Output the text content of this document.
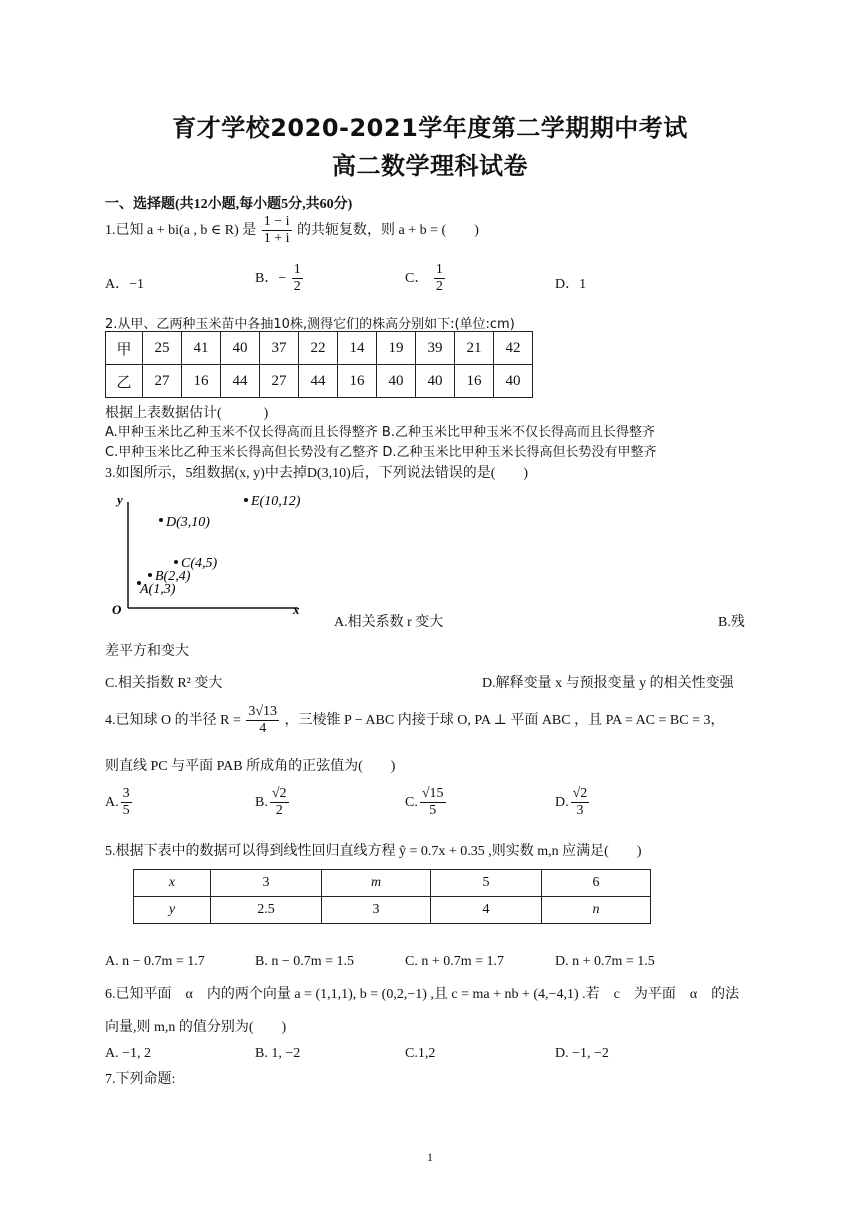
育才学校2020-2021学年度第二学期期中考试
高二数学理科试卷
一、选择题(共12小题,每小题5分,共60分)
1.已知 a + bi(a , b ∈ R) 是 $\frac{1 - i}{1 + i}$ 的共轭复数，则 a + b = (　　)
A．−1	B．− $\frac{1}{2}$	C． $\frac{1}{2}$	D．1
2.从甲、乙两种玉米苗中各抽10株,测得它们的株高分别如下:(单位:cm)
甲	25	41	40	37	22	14	19	39	21	42
乙	27	16	44	27	44	16	40	40	16	40
根据上表数据估计(　　　)
A.甲种玉米比乙种玉米不仅长得高而且长得整齐 B.乙种玉米比甲种玉米不仅长得高而且长得整齐
C.甲种玉米比乙种玉米长得高但长势没有乙整齐 D.乙种玉米比甲种玉米长得高但长势没有甲整齐
3.如图所示，5组数据(x, y)中去掉D(3,10)后，下列说法错误的是(　　)
y
x
O
E(10,12)
D(3,10)
C(4,5)
B(2,4)
A(1,3)
A.相关系数 r 变大	B.残
差平方和变大
C.相关指数 R² 变大	D.解释变量 x 与预报变量 y 的相关性变强
4.已知球 O 的半径 $R = \frac{3√13}{4}$ ，三棱锥 P − ABC 内接于球 O, PA ⊥ 平面 ABC ，且 PA = AC = BC = 3，
则直线 PC 与平面 PAB 所成角的正弦值为(　　)
A. $\frac{3}{5}$	B. $\frac{√2}{2}$	C. $\frac{√15}{5}$	D. $\frac{√2}{3}$
5.根据下表中的数据可以得到线性回归直线方程 ŷ = 0.7x + 0.35 ,则实数 m,n 应满足(　　)
x	3	m	5	6
y	2.5	3	4	n
A. n − 0.7m = 1.7	B. n − 0.7m = 1.5	C. n + 0.7m = 1.7	D. n + 0.7m = 1.5
6.已知平面　α　内的两个向量 a = (1,1,1), b = (0,2,−1) ,且 c = ma + nb + (4,−4,1) .若　c　为平面　α　的法
向量,则 m,n 的值分别为(　　)
A. −1, 2	B. 1, −2	C.1,2	D. −1, −2
7.下列命题:
1
